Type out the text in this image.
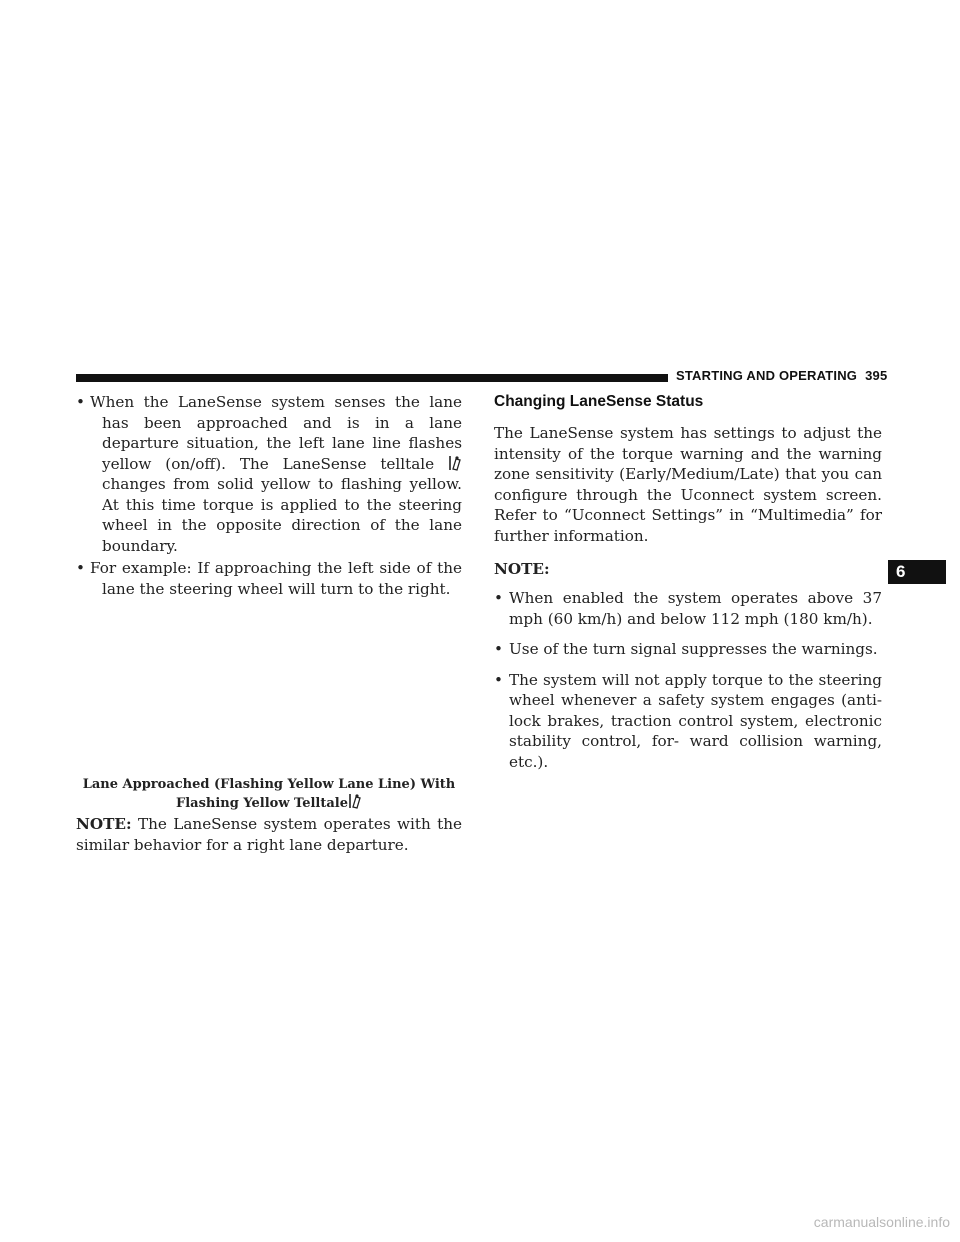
STARTING AND OPERATING 395
• When the LaneSense system senses the lane has been approached and is in a lane departure situation, the left lane line flashes yellow (on/off). The LaneSense telltale  changes from solid yellow to flashing yellow. At this time torque is applied to the steering wheel in the opposite direction of the lane boundary.
• For example: If approaching the left side of the lane the steering wheel will turn to the right.
Lane Approached (Flashing Yellow Lane Line) With
Flashing Yellow Telltale
NOTE: The LaneSense system operates with the similar behavior for a right lane departure.
Changing LaneSense Status

The LaneSense system has settings to adjust the intensity of the torque warning and the warning zone sensitivity (Early/Medium/Late) that you can configure through the Uconnect system screen. Refer to “Uconnect Settings” in “Multimedia” for further information.

NOTE:
• When enabled the system operates above 37 mph (60 km/h) and below 112 mph (180 km/h).
• Use of the turn signal suppresses the warnings.
• The system will not apply torque to the steering wheel whenever a safety system engages (anti-lock brakes, traction control system, electronic stability control, for- ward collision warning, etc.).
6
carmanualsonline.info
